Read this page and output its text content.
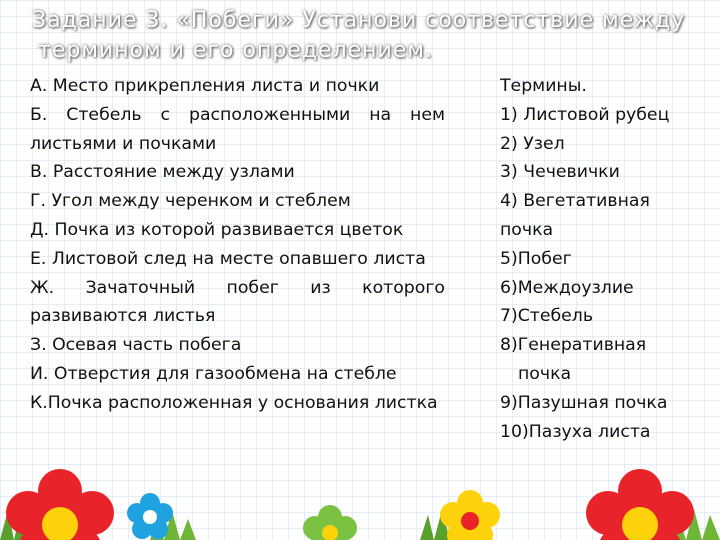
Задание 3. «Побеги» Установи соответствие между
термином и его определением.

А. Место прикрепления листа и почки

Б. Стебель с расположенными на нем листьями и почками

В. Расстояние между узлами

Г. Угол между черенком и стеблем

Д. Почка из которой развивается цветок

Е. Листовой след на месте опавшего листа

Ж. Зачаточный побег из которого развиваются листья

З. Осевая часть побега

И. Отверстия для газообмена на стебле

К.Почка расположенная у основания листка

Термины.
1) Листовой рубец
2) Узел
3) Чечевички
4) Вегетативная
почка
5)Побег
6)Междоузлие
7)Стебель
8)Генеративная
почка
9)Пазушная почка
10)Пазуха листа
